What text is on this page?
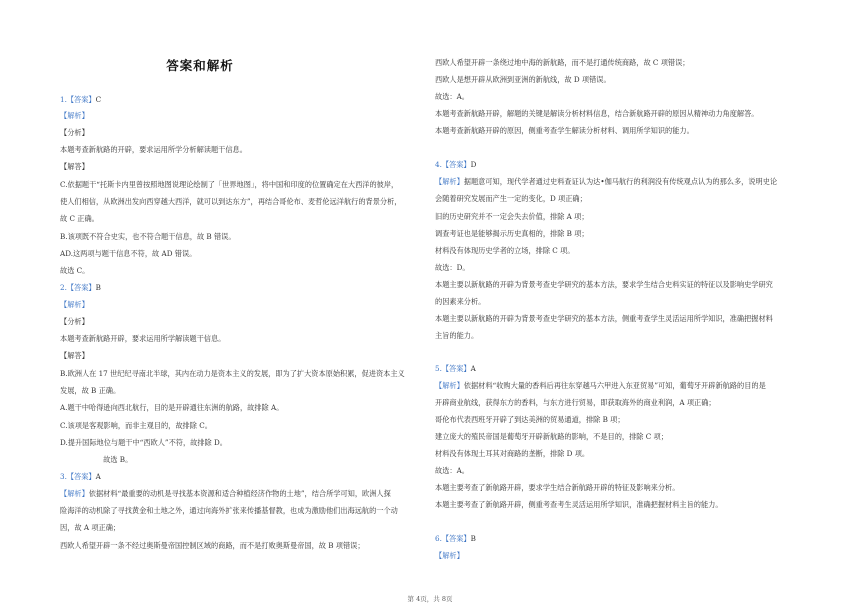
答案和解析
1.【答案】C
【解析】
【分析】
本题考查新航路的开辟，要求运用所学分析解读题干信息。
【解答】
C.依据题干“托斯卡内里曾按照地图说理论绘制了「世界地图」，将中国和印度的位置确定在大西洋的彼岸，
使人们相信，从欧洲出发向西穿越大西洋，就可以到达东方”，再结合哥伦布、麦哲伦远洋航行的背景分析，
故 C 正确。
B.该项既不符合史实，也不符合题干信息，故 B 错误。
AD.这两项与题干信息不符，故 AD 错误。
故选 C。
2.【答案】B
【解析】
【分析】
本题考查新航路开辟，要求运用所学解读题干信息。
【解答】
B.欧洲人在 17 世纪纪寻南北半球，其内在动力是资本主义的发展，即为了扩大资本原始积累，促进资本主义
发展，故 B 正确。
A.题干中哈得逊向西北航行，目的是开辟通往东洲的航路，故排除 A。
C.该项是客观影响，而非主观目的，故排除 C。
D.提升国际地位与题干中“西欧人”不符，故排除 D。
　　　　　　故选 B。
3.【答案】A
【解析】依据材料“最重要的动机是寻找基本资源和适合种植经济作物的土地”，结合所学可知，欧洲人探
险海洋的动机除了寻找黄金和土地之外，通过向海外扩张来传播基督教，也成为激励他们出海远航的一个动
因，故 A 项正确；
西欧人希望开辟一条不经过奥斯曼帝国控制区域的商路，而不是打败奥斯曼帝国，故 B 项错误；
西欧人希望开辟一条绕过地中海的新航路，而不是打通传统商路，故 C 项错误；
西欧人是想开辟从欧洲到亚洲的新航线，故 D 项错误。
故选：A。
本题考查新航路开辟，解题的关键是解读分析材料信息，结合新航路开辟的原因从精神动力角度解答。
本题考查新航路开辟的原因，侧重考查学生解读分析材料、调用所学知识的能力。
4.【答案】D
【解析】据题意可知，现代学者通过史料查证认为达•伽马航行的利润没有传统观点认为的那么多，说明史论
会随着研究发展而产生一定的变化，D 项正确；
旧的历史研究并不一定会失去价值，排除 A 项；
调查考证也是能够揭示历史真相的，排除 B 项；
材料没有体现历史学者的立场，排除 C 项。
故选：D。
本题主要以新航路的开辟为背景考查史学研究的基本方法，要求学生结合史料实证的特征以及影响史学研究
的因素来分析。
本题主要以新航路的开辟为背景考查史学研究的基本方法，侧重考查学生灵活运用所学知识，准确把握材料
主旨的能力。
5.【答案】A
【解析】依据材料“收购大量的香料后再往东穿越马六甲进入东亚贸易”可知，葡萄牙开辟新航路的目的是
开辟商业航线，获得东方的香料，与东方进行贸易，即获取海外的商业利润，A 项正确；
哥伦布代表西班牙开辟了到达美洲的贸易通道，排除 B 项；
建立庞大的殖民帝国是葡萄牙开辟新航路的影响，不是目的，排除 C 项；
材料没有体现土耳其对商路的垄断，排除 D 项。
故选：A。
本题主要考查了新航路开辟，要求学生结合新航路开辟的特征及影响来分析。
本题主要考查了新航路开辟，侧重考查考生灵活运用所学知识，准确把握材料主旨的能力。
6.【答案】B
【解析】
第 4页，共 8页
